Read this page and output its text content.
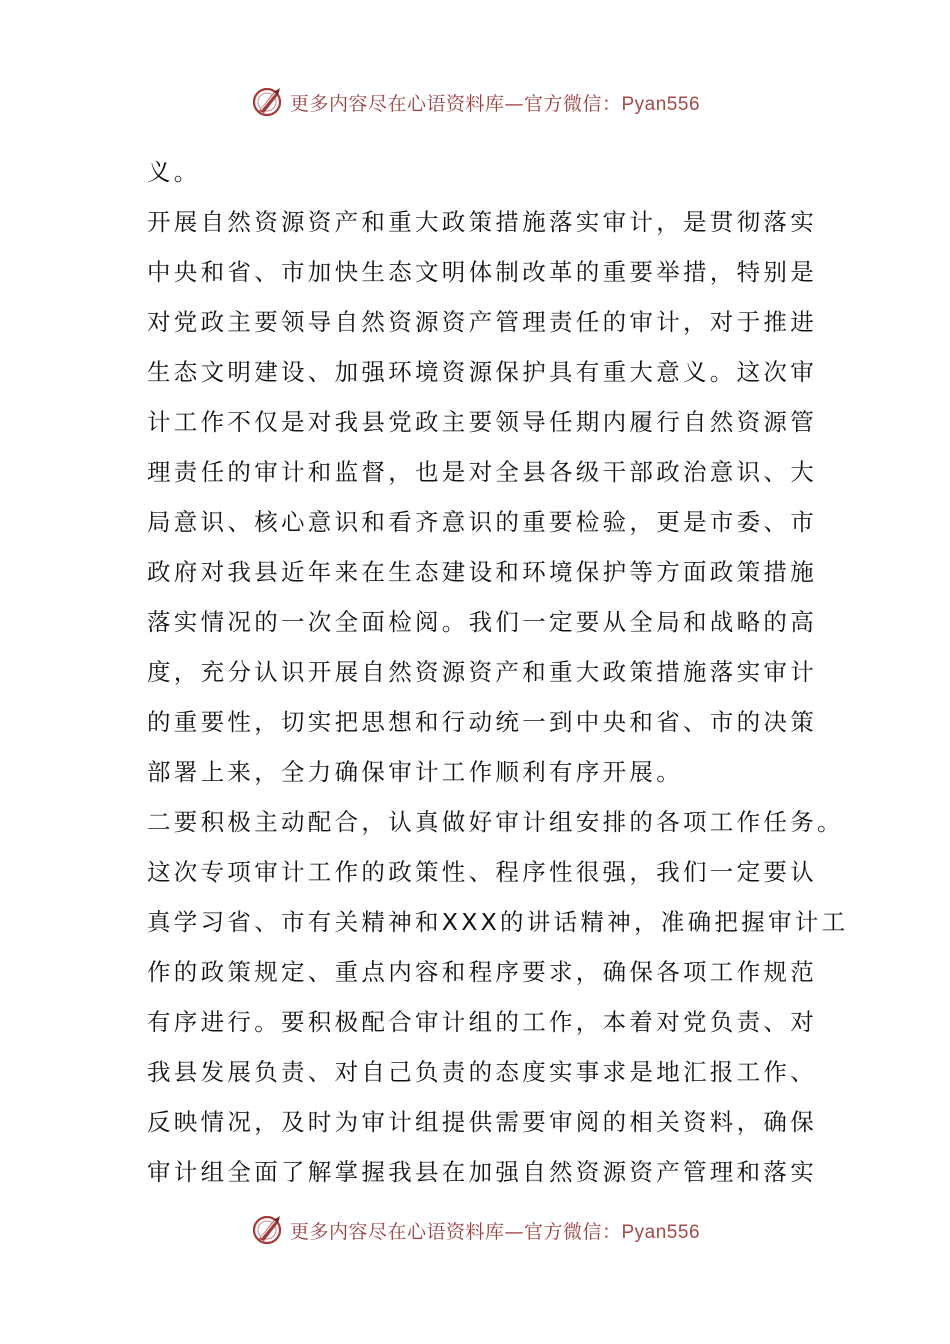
更多内容尽在心语资料库—官方微信：Pyan556
义。
开展自然资源资产和重大政策措施落实审计，是贯彻落实
中央和省、市加快生态文明体制改革的重要举措，特别是
对党政主要领导自然资源资产管理责任的审计，对于推进
生态文明建设、加强环境资源保护具有重大意义。这次审
计工作不仅是对我县党政主要领导任期内履行自然资源管
理责任的审计和监督，也是对全县各级干部政治意识、大
局意识、核心意识和看齐意识的重要检验，更是市委、市
政府对我县近年来在生态建设和环境保护等方面政策措施
落实情况的一次全面检阅。我们一定要从全局和战略的高
度，充分认识开展自然资源资产和重大政策措施落实审计
的重要性，切实把思想和行动统一到中央和省、市的决策
部署上来，全力确保审计工作顺利有序开展。
二要积极主动配合，认真做好审计组安排的各项工作任务。
这次专项审计工作的政策性、程序性很强，我们一定要认
真学习省、市有关精神和XXX的讲话精神，准确把握审计工
作的政策规定、重点内容和程序要求，确保各项工作规范
有序进行。要积极配合审计组的工作，本着对党负责、对
我县发展负责、对自己负责的态度实事求是地汇报工作、
反映情况，及时为审计组提供需要审阅的相关资料，确保
审计组全面了解掌握我县在加强自然资源资产管理和落实
更多内容尽在心语资料库—官方微信：Pyan556
